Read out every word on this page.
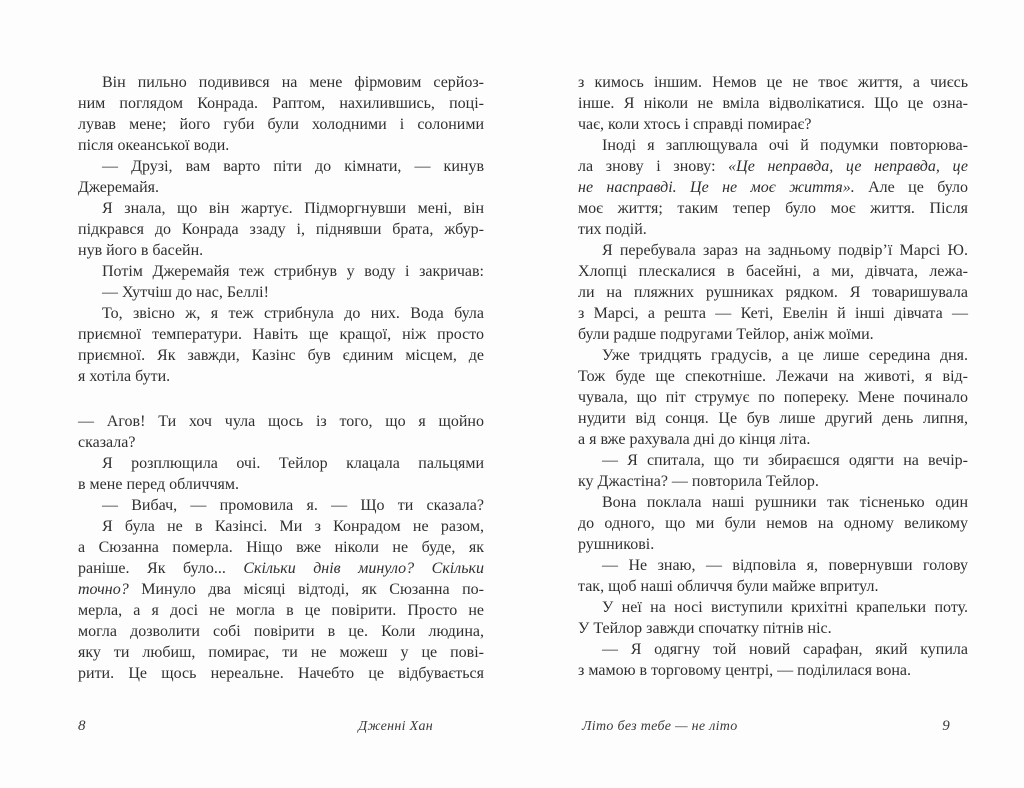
Він пильно подивився на мене фірмовим серйоз-
ним поглядом Конрада. Раптом, нахилившись, поці-
лував мене; його губи були холодними і солоними
після океанської води.
— Друзі, вам варто піти до кімнати, — кинув
Джеремайя.
Я знала, що він жартує. Підморгнувши мені, він
підкрався до Конрада ззаду і, піднявши брата, жбур-
нув його в басейн.
Потім Джеремайя теж стрибнув у воду і закричав:
— Хутчіш до нас, Беллі!
То, звісно ж, я теж стрибнула до них. Вода була
приємної температури. Навіть ще кращої, ніж просто
приємної. Як завжди, Казінс був єдиним місцем, де
я хотіла бути.
— Агов! Ти хоч чула щось із того, що я щойно
сказала?
Я розплющила очі. Тейлор клацала пальцями
в мене перед обличчям.
— Вибач, — промовила я. — Що ти сказала?
Я була не в Казінсі. Ми з Конрадом не разом,
а Сюзанна померла. Ніщо вже ніколи не буде, як
раніше. Як було... Скільки днів минуло? Скільки
точно? Минуло два місяці відтоді, як Сюзанна по-
мерла, а я досі не могла в це повірити. Просто не
могла дозволити собі повірити в це. Коли людина,
яку ти любиш, помирає, ти не можеш у це пові-
рити. Це щось нереальне. Начебто це відбувається
з кимось іншим. Немов це не твоє життя, а чиєсь
інше. Я ніколи не вміла відволікатися. Що це озна-
чає, коли хтось і справді помирає?
Іноді я заплющувала очі й подумки повторюва-
ла знову і знову: «Це неправда, це неправда, це
не насправді. Це не моє життя». Але це було
моє життя; таким тепер було моє життя. Після
тих подій.
Я перебувала зараз на задньому подвір’ї Марсі Ю.
Хлопці плескалися в басейні, а ми, дівчата, лежа-
ли на пляжних рушниках рядком. Я товаришувала
з Марсі, а решта — Кеті, Евелін й інші дівчата —
були радше подругами Тейлор, аніж моїми.
Уже тридцять градусів, а це лише середина дня.
Тож буде ще спекотніше. Лежачи на животі, я від-
чувала, що піт струмує по попереку. Мене починало
нудити від сонця. Це був лише другий день липня,
а я вже рахувала дні до кінця літа.
— Я спитала, що ти збираєшся одягти на вечір-
ку Джастіна? — повторила Тейлор.
Вона поклала наші рушники так тісненько один
до одного, що ми були немов на одному великому
рушникові.
— Не знаю, — відповіла я, повернувши голову
так, щоб наші обличчя були майже впритул.
У неї на носі виступили крихітні крапельки поту.
У Тейлор завжди спочатку пітнів ніс.
— Я одягну той новий сарафан, який купила
з мамою в торговому центрі, — поділилася вона.
8	Дженні Хан	Літо без тебе — не літо	9
